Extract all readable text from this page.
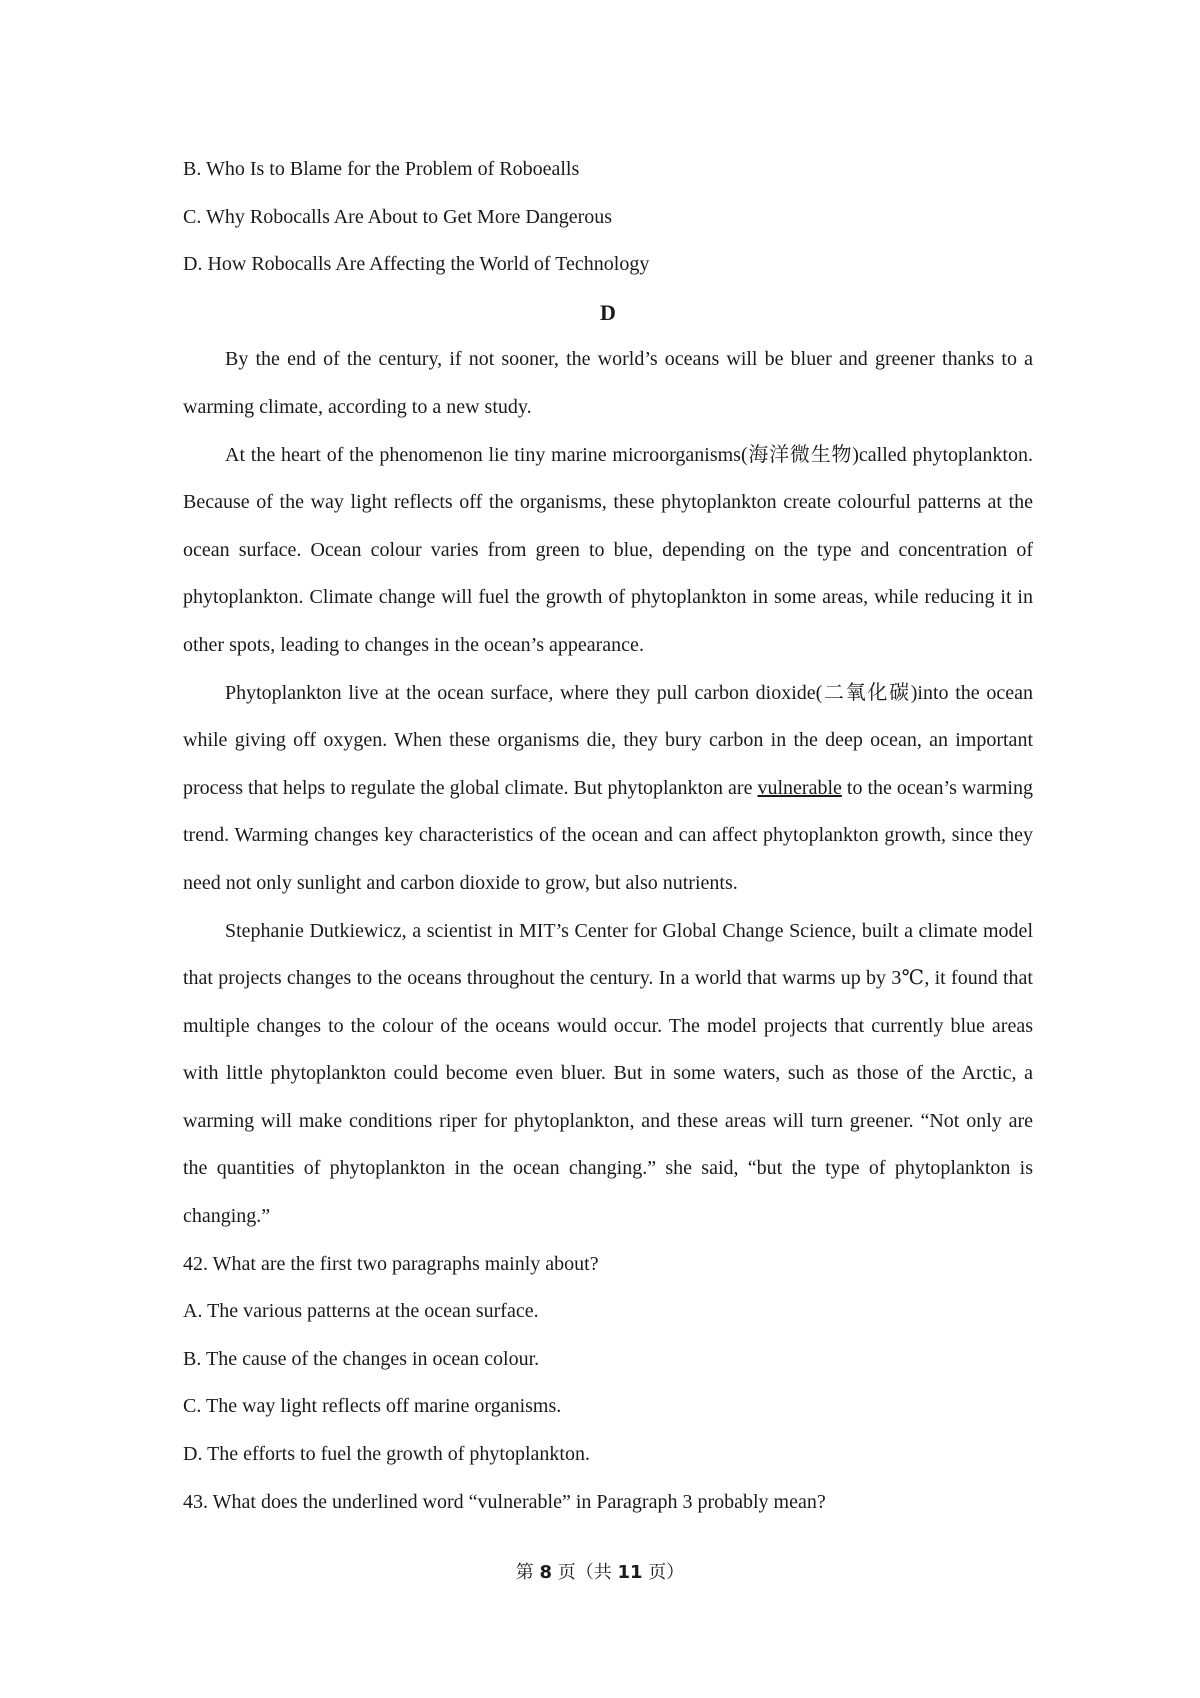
B. Who Is to Blame for the Problem of Roboealls
C. Why Robocalls Are About to Get More Dangerous
D. How Robocalls Are Affecting the World of Technology
D

By the end of the century, if not sooner, the world’s oceans will be bluer and greener thanks to a warming climate, according to a new study.

At the heart of the phenomenon lie tiny marine microorganisms(海洋微生物)called phytoplankton. Because of the way light reflects off the organisms, these phytoplankton create colourful patterns at the ocean surface. Ocean colour varies from green to blue, depending on the type and concentration of phytoplankton. Climate change will fuel the growth of phytoplankton in some areas, while reducing it in other spots, leading to changes in the ocean’s appearance.

Phytoplankton live at the ocean surface, where they pull carbon dioxide(二氧化碳)into the ocean while giving off oxygen. When these organisms die, they bury carbon in the deep ocean, an important process that helps to regulate the global climate. But phytoplankton are vulnerable to the ocean’s warming trend. Warming changes key characteristics of the ocean and can affect phytoplankton growth, since they need not only sunlight and carbon dioxide to grow, but also nutrients.

Stephanie Dutkiewicz, a scientist in MIT’s Center for Global Change Science, built a climate model that projects changes to the oceans throughout the century. In a world that warms up by 3℃, it found that multiple changes to the colour of the oceans would occur. The model projects that currently blue areas with little phytoplankton could become even bluer. But in some waters, such as those of the Arctic, a warming will make conditions riper for phytoplankton, and these areas will turn greener. “Not only are the quantities of phytoplankton in the ocean changing.” she said, “but the type of phytoplankton is changing.”

42. What are the first two paragraphs mainly about?
A. The various patterns at the ocean surface.
B. The cause of the changes in ocean colour.
C. The way light reflects off marine organisms.
D. The efforts to fuel the growth of phytoplankton.
43. What does the underlined word “vulnerable” in Paragraph 3 probably mean?
第 8 页（共 11 页）
